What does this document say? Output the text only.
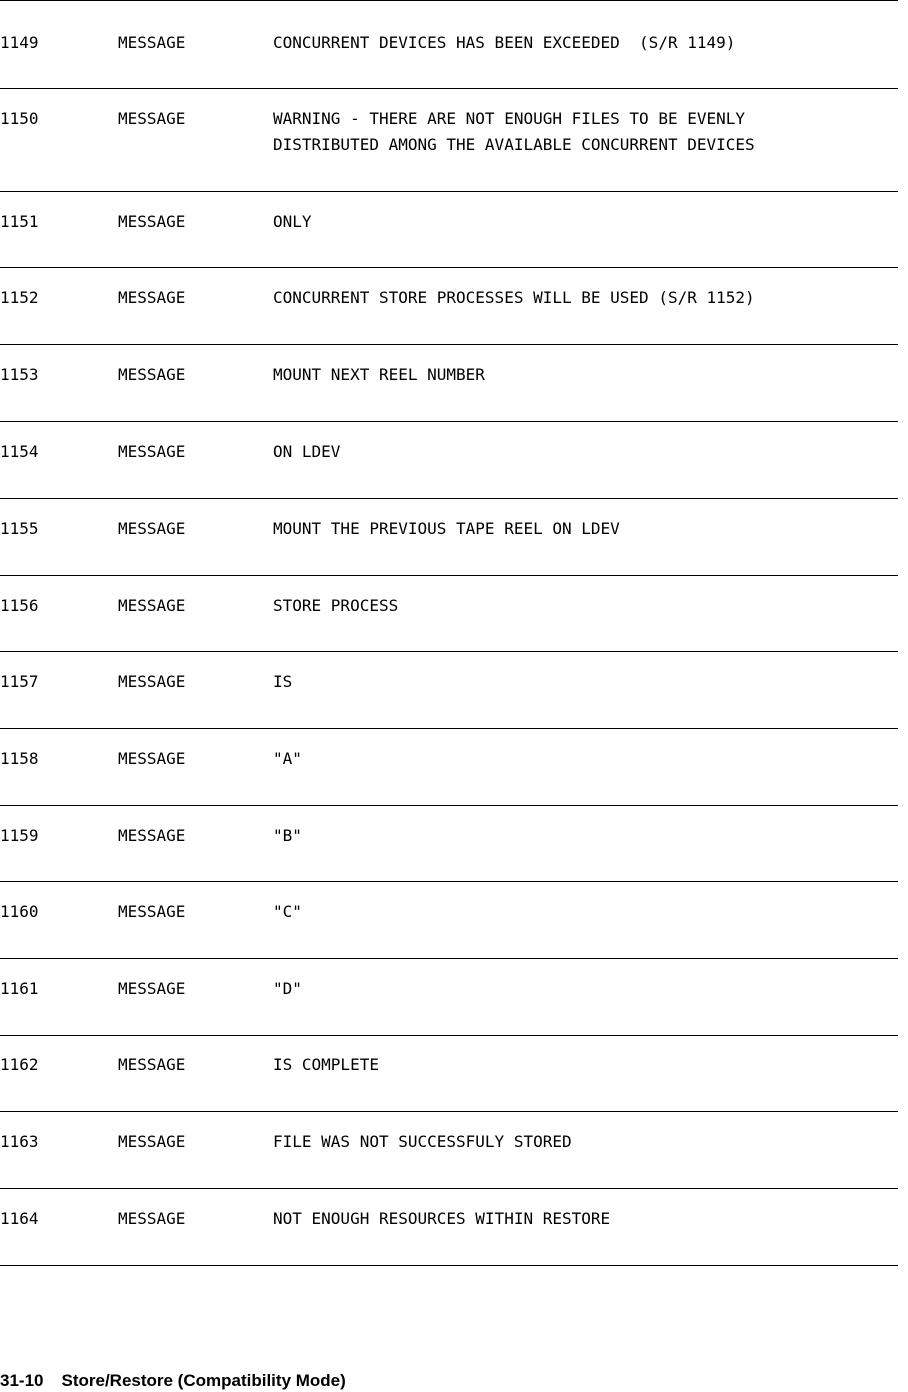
1149	MESSAGE	CONCURRENT DEVICES HAS BEEN EXCEEDED  (S/R 1149)
1150	MESSAGE	WARNING - THERE ARE NOT ENOUGH FILES TO BE EVENLY
DISTRIBUTED AMONG THE AVAILABLE CONCURRENT DEVICES
1151	MESSAGE	ONLY
1152	MESSAGE	CONCURRENT STORE PROCESSES WILL BE USED (S/R 1152)
1153	MESSAGE	MOUNT NEXT REEL NUMBER
1154	MESSAGE	ON LDEV
1155	MESSAGE	MOUNT THE PREVIOUS TAPE REEL ON LDEV
1156	MESSAGE	STORE PROCESS
1157	MESSAGE	IS
1158	MESSAGE	"A"
1159	MESSAGE	"B"
1160	MESSAGE	"C"
1161	MESSAGE	"D"
1162	MESSAGE	IS COMPLETE
1163	MESSAGE	FILE WAS NOT SUCCESSFULY STORED
1164	MESSAGE	NOT ENOUGH RESOURCES WITHIN RESTORE
31-10 Store/Restore (Compatibility Mode)
